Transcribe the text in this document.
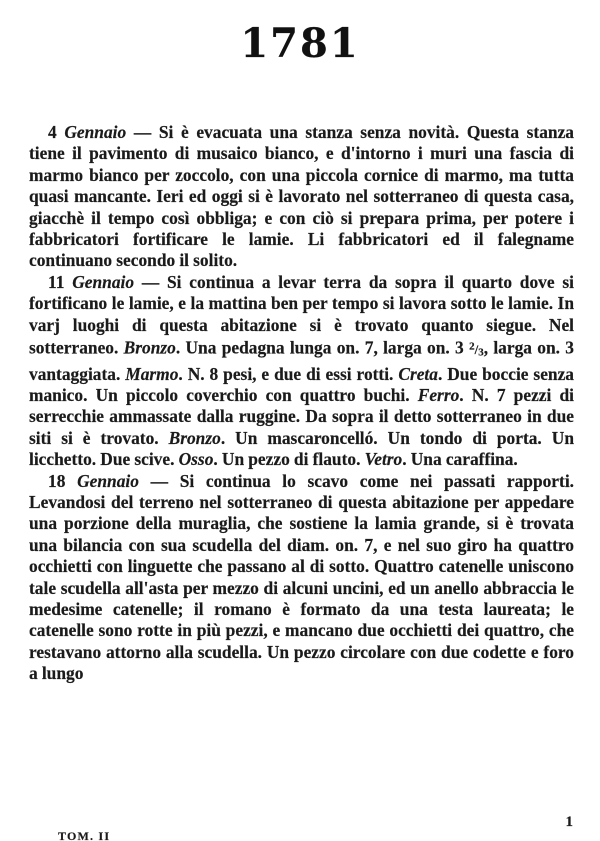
1781

4 Gennaio — Si è evacuata una stanza senza novità. Questa stanza tiene il pavimento di musaico bianco, e d'intorno i muri una fascia di marmo bianco per zoccolo, con una piccola cornice di marmo, ma tutta quasi mancante. Ieri ed oggi si è lavorato nel sotterraneo di questa casa, giacchè il tempo così obbliga; e con ciò si prepara prima, per potere i fabbricatori fortificare le lamie. Li fabbricatori ed il falegname continuano secondo il solito.

11 Gennaio — Si continua a levar terra da sopra il quarto dove si fortificano le lamie, e la mattina ben per tempo si lavora sotto le lamie. In varj luoghi di questa abitazione si è trovato quanto siegue. Nel sotterraneo. Bronzo. Una pedagna lunga on. 7, larga on. 3 2/3, larga on. 3 vantaggiata. Marmo. N. 8 pesi, e due di essi rotti. Creta. Due boccie senza manico. Un piccolo coverchio con quattro buchi. Ferro. N. 7 pezzi di serrecchie ammassate dalla ruggine. Da sopra il detto sotterraneo in due siti si è trovato. Bronzo. Un mascaroncelló. Un tondo di porta. Un licchetto. Due scive. Osso. Un pezzo di flauto. Vetro. Una caraffina.

18 Gennaio — Si continua lo scavo come nei passati rapporti. Levandosi del terreno nel sotterraneo di questa abitazione per appedare una porzione della muraglia, che sostiene la lamia grande, si è trovata una bilancia con sua scudella del diam. on. 7, e nel suo giro ha quattro occhietti con linguette che passano al di sotto. Quattro catenelle uniscono tale scudella all'asta per mezzo di alcuni uncini, ed un anello abbraccia le medesime catenelle; il romano è formato da una testa laureata; le catenelle sono rotte in più pezzi, e mancano due occhietti dei quattro, che restavano attorno alla scudella. Un pezzo circolare con due codette e foro a lungo

TOM. II
1
